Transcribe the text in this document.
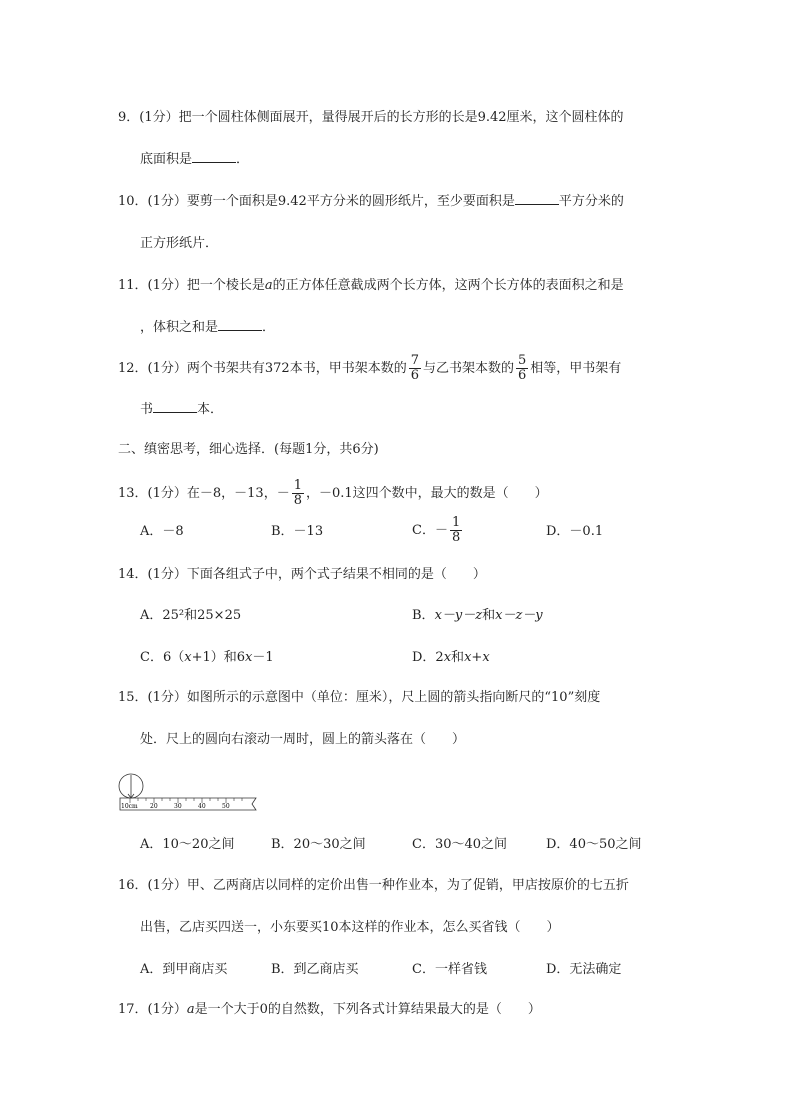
9．(1分）把一个圆柱体侧面展开，量得展开后的长方形的长是9.42厘米，这个圆柱体的
底面积是	．
10．(1分）要剪一个面积是9.42平方分米的圆形纸片，至少要面积是	平方分米的
正方形纸片．
11．(1分）把一个棱长是a的正方体任意截成两个长方体，这两个长方体的表面积之和是
，体积之和是	．
12．(1分）两个书架共有372本书，甲书架本数的 $\frac{7}{6}$ 与乙书架本数的 $\frac{5}{6}$ 相等，甲书架有
书	本．
二、缜密思考，细心选择．(每题1分，共6分)
13．(1分）在－8，－13，－ $\frac{1}{8}$ ，－0.1这四个数中，最大的数是（　　）
A．－8	B．－13	C．－ $\frac{1}{8}$	D．－0.1
14．(1分）下面各组式子中，两个式子结果不相同的是（　　）
A．25²和25×25	B．x－y－z和x－z－y
C．6（x+1）和6x－1	D．2x和x+x
15．(1分）如图所示的示意图中（单位：厘米），尺上圆的箭头指向断尺的“10”刻度
处．尺上的圆向右滚动一周时，圆上的箭头落在（　　）
10cm 20	30	40	50
A．10～20之间	B．20～30之间	C．30～40之间	D．40～50之间
16．(1分）甲、乙两商店以同样的定价出售一种作业本，为了促销，甲店按原价的七五折
出售，乙店买四送一，小东要买10本这样的作业本，怎么买省钱（　　）
A．到甲商店买	B．到乙商店买	C．一样省钱	D．无法确定
17．(1分）a是一个大于0的自然数，下列各式计算结果最大的是（　　）
